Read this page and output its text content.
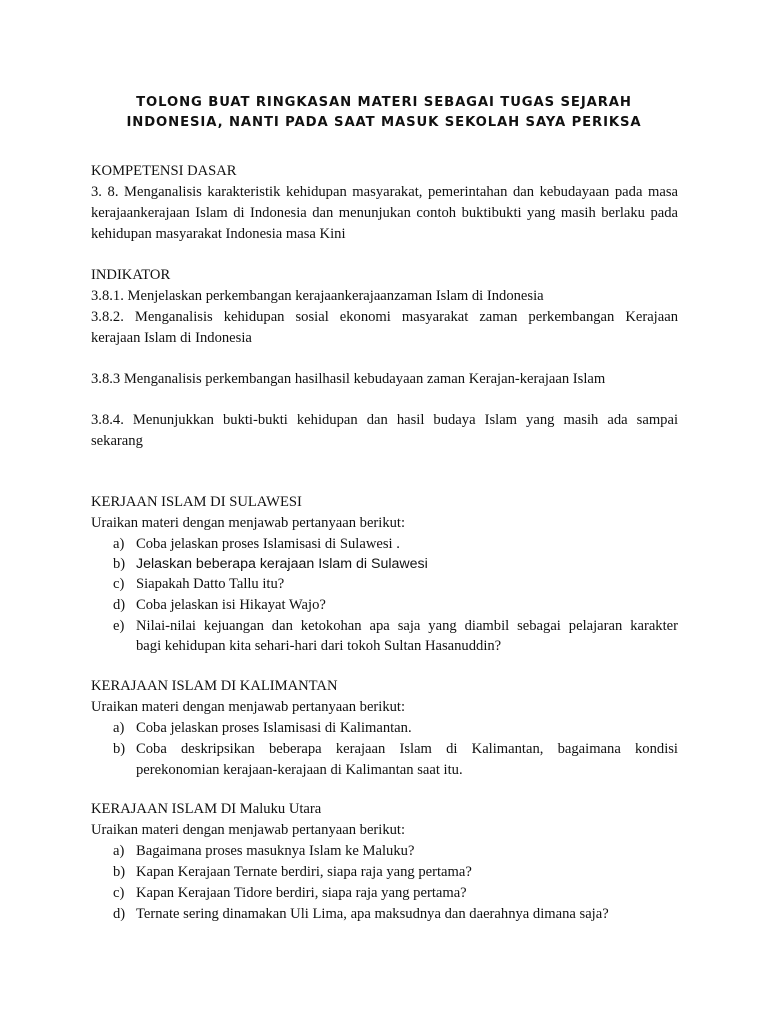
TOLONG BUAT RINGKASAN MATERI SEBAGAI TUGAS SEJARAH
INDONESIA, NANTI PADA SAAT MASUK SEKOLAH SAYA PERIKSA
KOMPETENSI DASAR
3. 8. Menganalisis karakteristik kehidupan masyarakat, pemerintahan dan kebudayaan pada masa
kerajaankerajaan Islam di Indonesia dan menunjukan contoh buktibukti yang masih berlaku pada
kehidupan masyarakat Indonesia masa Kini
INDIKATOR
3.8.1. Menjelaskan perkembangan kerajaankerajaanzaman Islam di Indonesia
3.8.2. Menganalisis kehidupan sosial ekonomi masyarakat zaman perkembangan Kerajaan
kerajaan Islam di Indonesia
3.8.3 Menganalisis perkembangan hasilhasil kebudayaan zaman Kerajan-kerajaan Islam
3.8.4. Menunjukkan bukti-bukti kehidupan dan hasil budaya Islam yang masih ada sampai
sekarang
KERJAAN ISLAM DI SULAWESI
Uraikan materi dengan menjawab pertanyaan berikut:
a) Coba jelaskan proses Islamisasi di Sulawesi .
b) Jelaskan beberapa kerajaan Islam di Sulawesi
c) Siapakah Datto Tallu itu?
d) Coba jelaskan isi Hikayat Wajo?
e) Nilai-nilai kejuangan dan ketokohan apa saja yang diambil sebagai pelajaran karakter
bagi kehidupan kita sehari-hari dari tokoh Sultan Hasanuddin?
KERAJAAN ISLAM DI KALIMANTAN
Uraikan materi dengan menjawab pertanyaan berikut:
a) Coba jelaskan proses Islamisasi di Kalimantan.
b) Coba deskripsikan beberapa kerajaan Islam di Kalimantan, bagaimana kondisi
perekonomian kerajaan-kerajaan di Kalimantan saat itu.
KERAJAAN ISLAM DI Maluku Utara
Uraikan materi dengan menjawab pertanyaan berikut:
a) Bagaimana proses masuknya Islam ke Maluku?
b) Kapan Kerajaan Ternate berdiri, siapa raja yang pertama?
c) Kapan Kerajaan Tidore berdiri, siapa raja yang pertama?
d) Ternate sering dinamakan Uli Lima, apa maksudnya dan daerahnya dimana saja?
